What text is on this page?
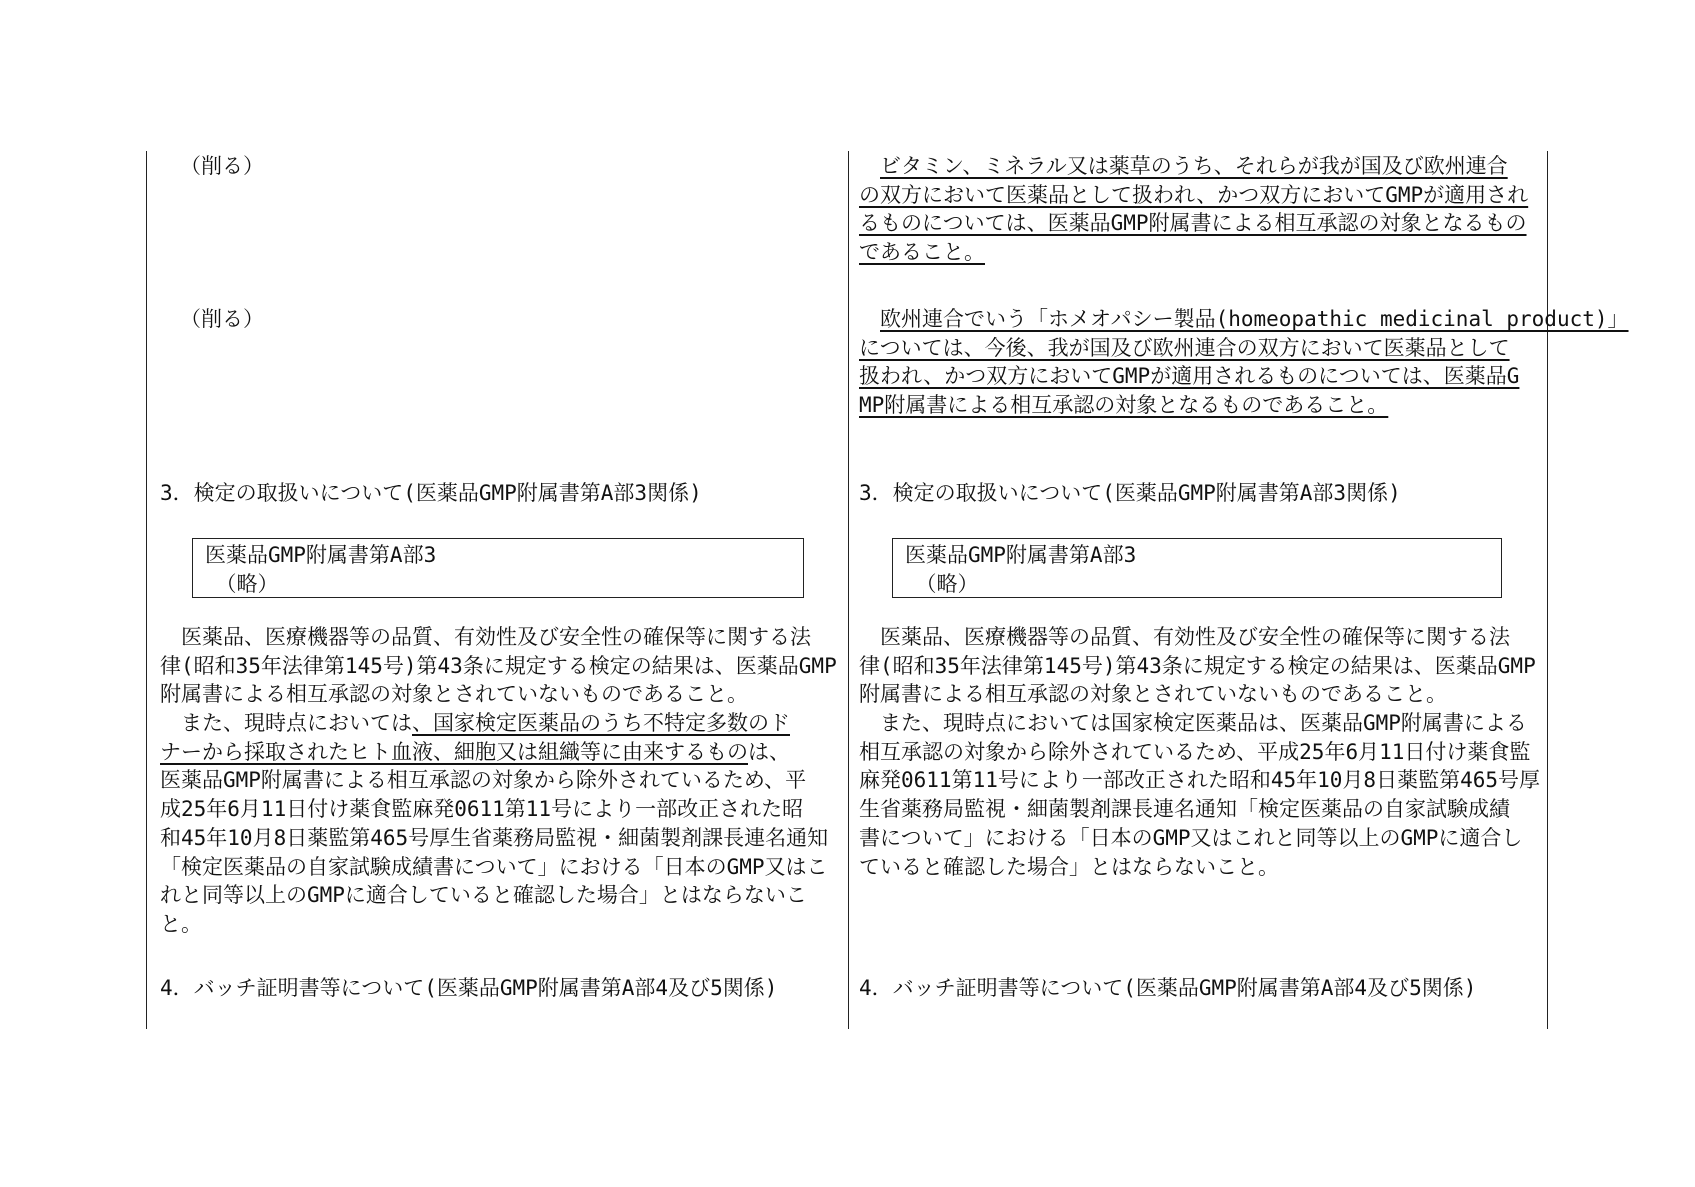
（削る）
（削る）
3．検定の取扱いについて(医薬品GMP附属書第A部3関係)
医薬品GMP附属書第A部3
　（略）
　医薬品、医療機器等の品質、有効性及び安全性の確保等に関する法
律(昭和35年法律第145号)第43条に規定する検定の結果は、医薬品GMP
附属書による相互承認の対象とされていないものであること。
　また、現時点においては、国家検定医薬品のうち不特定多数のド
ナーから採取されたヒト血液、細胞又は組織等に由来するものは、
医薬品GMP附属書による相互承認の対象から除外されているため、平
成25年6月11日付け薬食監麻発0611第11号により一部改正された昭
和45年10月8日薬監第465号厚生省薬務局監視・細菌製剤課長連名通知
「検定医薬品の自家試験成績書について」における「日本のGMP又はこ
れと同等以上のGMPに適合していると確認した場合」とはならないこ
と。
4．バッチ証明書等について(医薬品GMP附属書第A部4及び5関係)
　ビタミン、ミネラル又は薬草のうち、それらが我が国及び欧州連合
の双方において医薬品として扱われ、かつ双方においてGMPが適用され
るものについては、医薬品GMP附属書による相互承認の対象となるもの
であること。
　欧州連合でいう「ホメオパシー製品(homeopathic medicinal product)」
については、今後、我が国及び欧州連合の双方において医薬品として
扱われ、かつ双方においてGMPが適用されるものについては、医薬品G
MP附属書による相互承認の対象となるものであること。
3．検定の取扱いについて(医薬品GMP附属書第A部3関係)
医薬品GMP附属書第A部3
　（略）
　医薬品、医療機器等の品質、有効性及び安全性の確保等に関する法
律(昭和35年法律第145号)第43条に規定する検定の結果は、医薬品GMP
附属書による相互承認の対象とされていないものであること。
　また、現時点においては国家検定医薬品は、医薬品GMP附属書による
相互承認の対象から除外されているため、平成25年6月11日付け薬食監
麻発0611第11号により一部改正された昭和45年10月8日薬監第465号厚
生省薬務局監視・細菌製剤課長連名通知「検定医薬品の自家試験成績
書について」における「日本のGMP又はこれと同等以上のGMPに適合し
ていると確認した場合」とはならないこと。
4．バッチ証明書等について(医薬品GMP附属書第A部4及び5関係)
